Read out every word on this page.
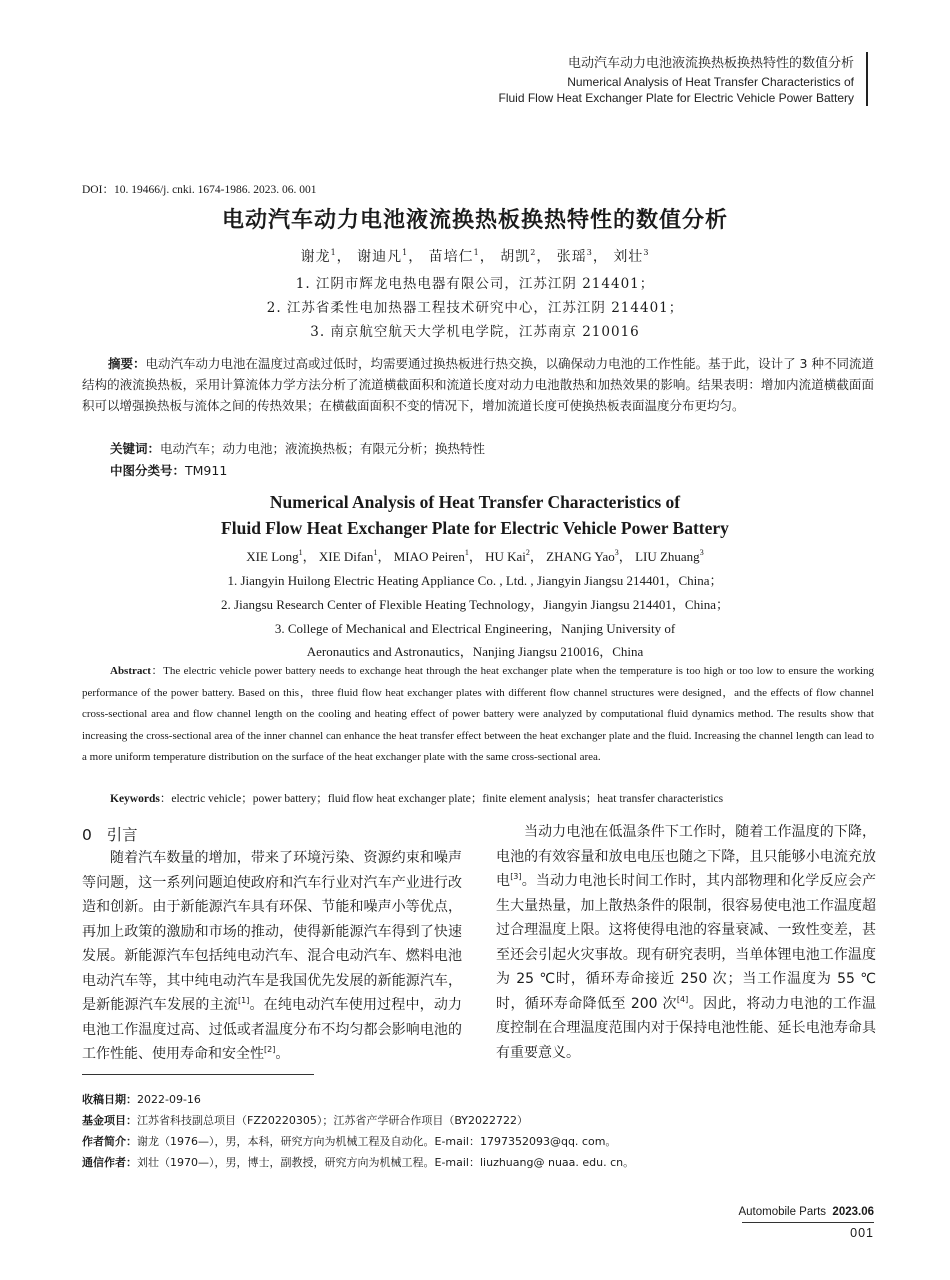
电动汽车动力电池液流换热板换热特性的数值分析
Numerical Analysis of Heat Transfer Characteristics of
Fluid Flow Heat Exchanger Plate for Electric Vehicle Power Battery
DOI：10. 19466/j. cnki. 1674-1986. 2023. 06. 001
电动汽车动力电池液流换热板换热特性的数值分析
谢龙$^1$， 谢迪凡$^1$， 苗培仁$^1$， 胡凯$^2$， 张瑶$^3$， 刘壮$^3$
1. 江阴市辉龙电热电器有限公司，江苏江阴 214401；
2. 江苏省柔性电加热器工程技术研究中心，江苏江阴 214401；
3. 南京航空航天大学机电学院，江苏南京 210016
摘要：电动汽车动力电池在温度过高或过低时，均需要通过换热板进行热交换，以确保动力电池的工作性能。基于此，设计了 3 种不同流道结构的液流换热板，采用计算流体力学方法分析了流道横截面积和流道长度对动力电池散热和加热效果的影响。结果表明：增加内流道横截面面积可以增强换热板与流体之间的传热效果；在横截面面积不变的情况下，增加流道长度可使换热板表面温度分布更均匀。
关键词：电动汽车；动力电池；液流换热板；有限元分析；换热特性
中图分类号：TM911
Numerical Analysis of Heat Transfer Characteristics of
Fluid Flow Heat Exchanger Plate for Electric Vehicle Power Battery
XIE Long$^1$， XIE Difan$^1$， MIAO Peiren$^1$， HU Kai$^2$， ZHANG Yao$^3$， LIU Zhuang$^3$
1. Jiangyin Huilong Electric Heating Appliance Co. , Ltd. , Jiangyin Jiangsu 214401，China；
2. Jiangsu Research Center of Flexible Heating Technology，Jiangyin Jiangsu 214401，China；
3. College of Mechanical and Electrical Engineering，Nanjing University of
Aeronautics and Astronautics，Nanjing Jiangsu 210016，China
Abstract：The electric vehicle power battery needs to exchange heat through the heat exchanger plate when the temperature is too high or too low to ensure the working performance of the power battery. Based on this，three fluid flow heat exchanger plates with different flow channel structures were designed，and the effects of flow channel cross-sectional area and flow channel length on the cooling and heating effect of power battery were analyzed by computational fluid dynamics method. The results show that increasing the cross-sectional area of the inner channel can enhance the heat transfer effect between the heat exchanger plate and the fluid. Increasing the channel length can lead to a more uniform temperature distribution on the surface of the heat exchanger plate with the same cross-sectional area.
Keywords：electric vehicle；power battery；fluid flow heat exchanger plate；finite element analysis；heat transfer characteristics
0 引言

随着汽车数量的增加，带来了环境污染、资源约束和噪声等问题，这一系列问题迫使政府和汽车行业对汽车产业进行改造和创新。由于新能源汽车具有环保、节能和噪声小等优点，再加上政策的激励和市场的推动，使得新能源汽车得到了快速发展。新能源汽车包括纯电动汽车、混合电动汽车、燃料电池电动汽车等，其中纯电动汽车是我国优先发展的新能源汽车，是新能源汽车发展的主流[1]。在纯电动汽车使用过程中，动力电池工作温度过高、过低或者温度分布不均匀都会影响电池的工作性能、使用寿命和安全性[2]。

当动力电池在低温条件下工作时，随着工作温度的下降，电池的有效容量和放电电压也随之下降，且只能够小电流充放电[3]。当动力电池长时间工作时，其内部物理和化学反应会产生大量热量，加上散热条件的限制，很容易使电池工作温度超过合理温度上限。这将使得电池的容量衰减、一致性变差，甚至还会引起火灾事故。现有研究表明，当单体锂电池工作温度为 25 ℃时，循环寿命接近 250 次；当工作温度为 55 ℃时，循环寿命降低至 200 次[4]。因此，将动力电池的工作温度控制在合理温度范围内对于保持电池性能、延长电池寿命具有重要意义。

收稿日期：2022-09-16
基金项目：江苏省科技副总项目（FZ20220305）；江苏省产学研合作项目（BY2022722）
作者简介：谢龙（1976—），男，本科，研究方向为机械工程及自动化。E-mail：1797352093@qq. com。
通信作者：刘壮（1970—），男，博士，副教授，研究方向为机械工程。E-mail：liuzhuang@ nuaa. edu. cn。
Automobile Parts 2023.06
001
